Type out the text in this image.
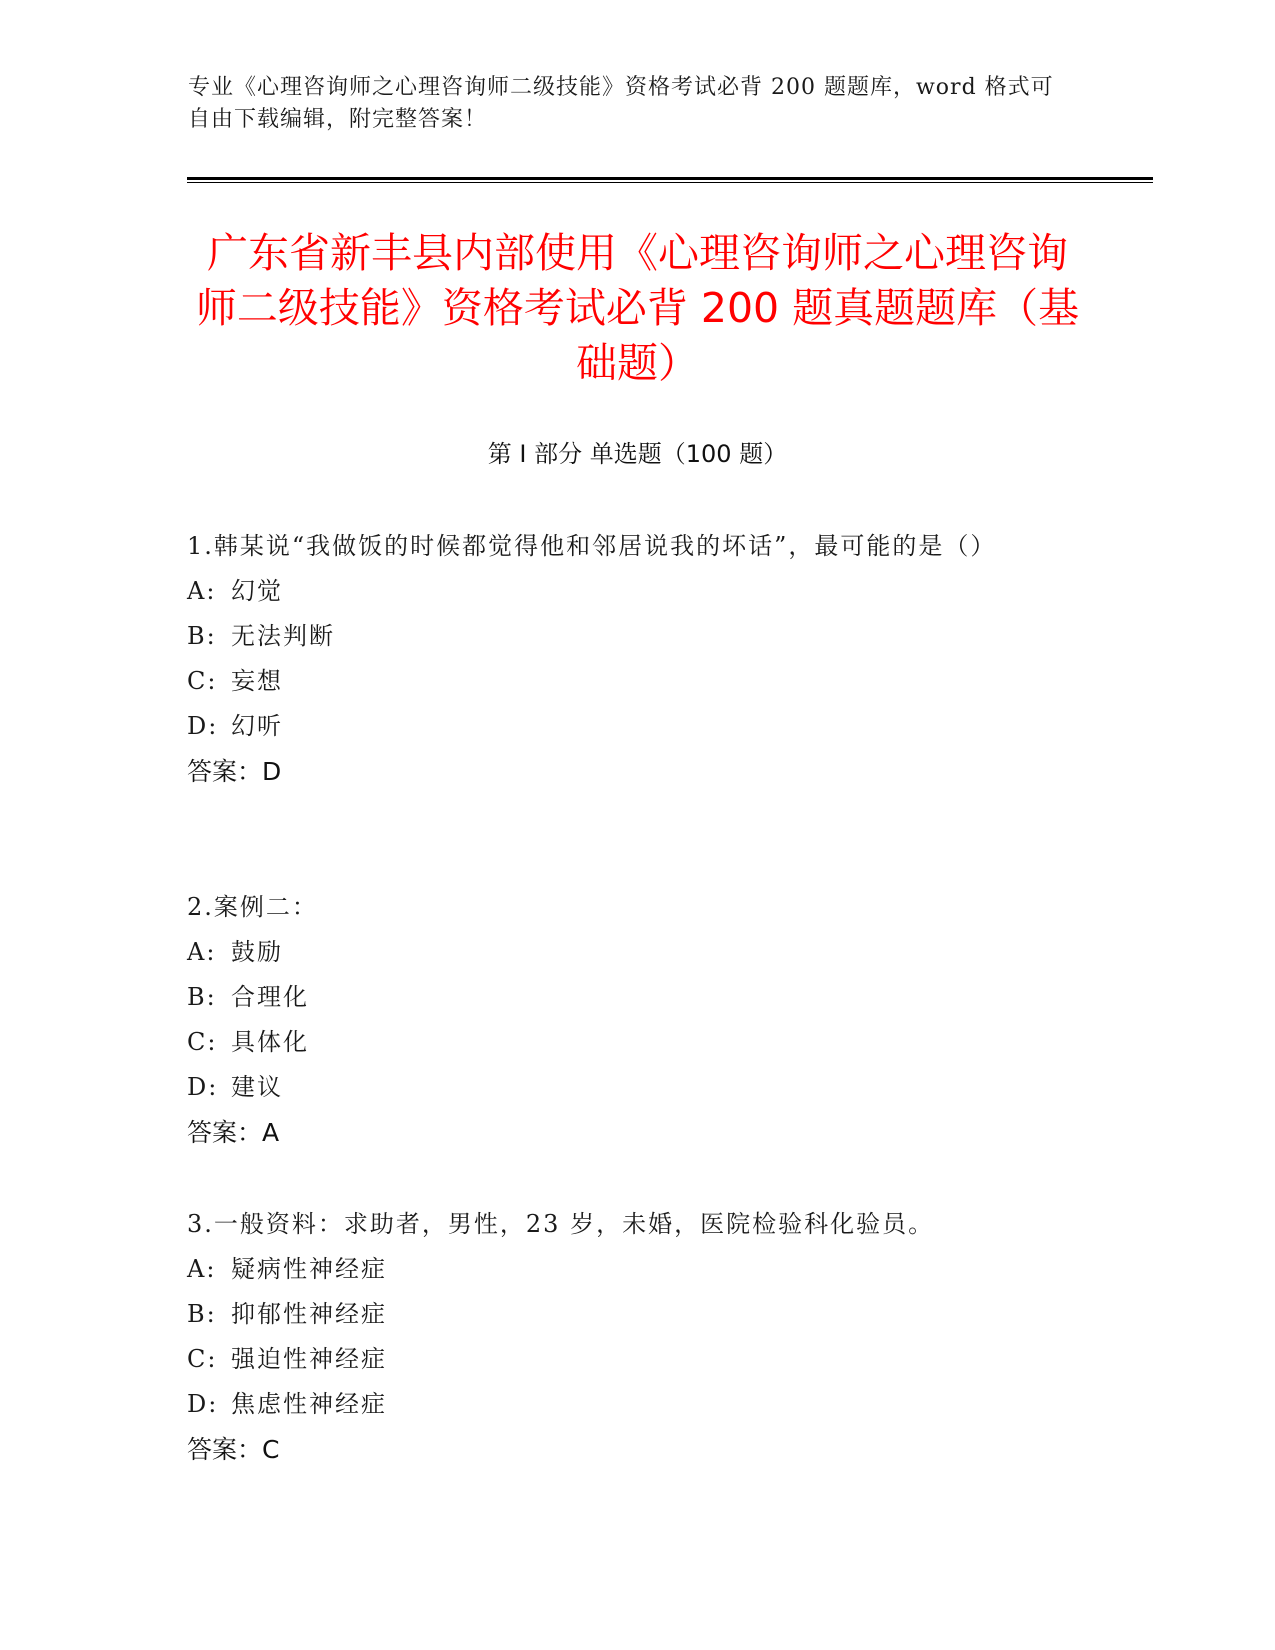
专业《心理咨询师之心理咨询师二级技能》资格考试必背 200 题题库，word 格式可自由下载编辑，附完整答案！
广东省新丰县内部使用《心理咨询师之心理咨询师二级技能》资格考试必背 200 题真题题库（基础题）
第 I 部分 单选题（100 题）
1.韩某说“我做饭的时候都觉得他和邻居说我的坏话”，最可能的是（）
A: 幻觉
B: 无法判断
C: 妄想
D: 幻听
答案：D
2.案例二：
A: 鼓励
B: 合理化
C: 具体化
D: 建议
答案：A
3.一般资料：求助者，男性，23 岁，未婚，医院检验科化验员。
A: 疑病性神经症
B: 抑郁性神经症
C: 强迫性神经症
D: 焦虑性神经症
答案：C
